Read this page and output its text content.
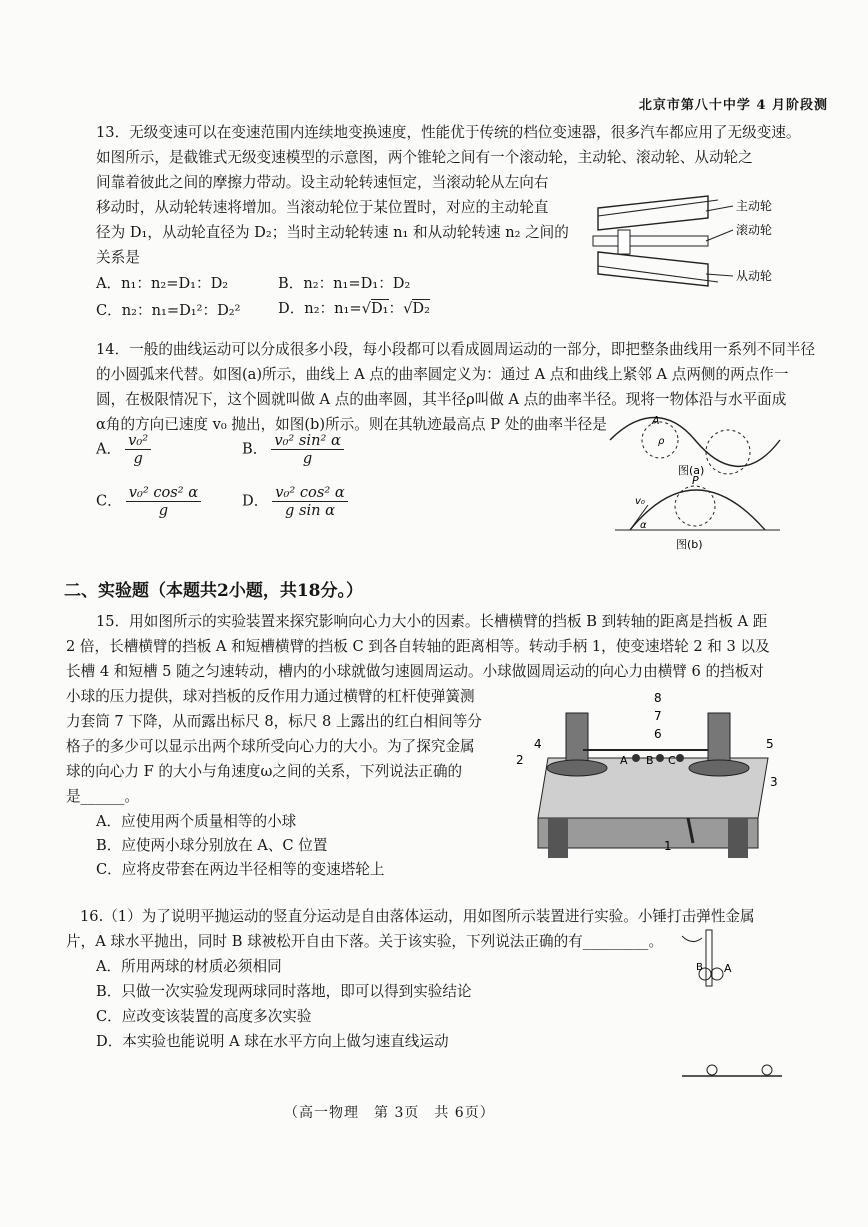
北京市第八十中学 4 月阶段测
13．无级变速可以在变速范围内连续地变换速度，性能优于传统的档位变速器，很多汽车都应用了无级变速。
如图所示，是截锥式无级变速模型的示意图，两个锥轮之间有一个滚动轮，主动轮、滚动轮、从动轮之
间靠着彼此之间的摩擦力带动。设主动轮转速恒定，当滚动轮从左向右
移动时，从动轮转速将增加。当滚动轮位于某位置时，对应的主动轮直
径为 D₁，从动轮直径为 D₂；当时主动轮转速 n₁ 和从动轮转速 n₂ 之间的
关系是
A．n₁：n₂=D₁：D₂	B．n₂：n₁=D₁：D₂
C．n₂：n₁=D₁²：D₂²	D．n₂：n₁=√D₁：√D₂
主动轮
滚动轮
从动轮
14．一般的曲线运动可以分成很多小段，每小段都可以看成圆周运动的一部分，即把整条曲线用一系列不同半径
的小圆弧来代替。如图(a)所示，曲线上 A 点的曲率圆定义为：通过 A 点和曲线上紧邻 A 点两侧的两点作一
圆，在极限情况下，这个圆就叫做 A 点的曲率圆，其半径ρ叫做 A 点的曲率半径。现将一物体沿与水平面成
α角的方向已速度 v₀ 抛出，如图(b)所示。则在其轨迹最高点 P 处的曲率半径是
A． $\frac{\text{v₀²}}{g}$	B． $\frac{\text{v₀² sin² α}}{g}$
C． $\frac{\text{v₀² cos² α}}{g}$	D． $\frac{\text{v₀² cos² α}}{\text{g sin α}}$
A
ρ
图(a)
v₀
α
P
图(b)
二、实验题（本题共2小题，共18分。）
15．用如图所示的实验装置来探究影响向心力大小的因素。长槽横臂的挡板 B 到转轴的距离是挡板 A 距
2 倍，长槽横臂的挡板 A 和短槽横臂的挡板 C 到各自转轴的距离相等。转动手柄 1，使变速塔轮 2 和 3 以及
长槽 4 和短槽 5 随之匀速转动，槽内的小球就做匀速圆周运动。小球做圆周运动的向心力由横臂 6 的挡板对
小球的压力提供，球对挡板的反作用力通过横臂的杠杆使弹簧测
力套筒 7 下降，从而露出标尺 8，标尺 8 上露出的红白相间等分
格子的多少可以显示出两个球所受向心力的大小。为了探究金属
球的向心力 F 的大小与角速度ω之间的关系，下列说法正确的
是______。
A．应使用两个质量相等的小球
B．应使两小球分别放在 A、C 位置
C．应将皮带套在两边半径相等的变速塔轮上
8
7
6
5
4
3
2
1
A B C
16.（1）为了说明平抛运动的竖直分运动是自由落体运动，用如图所示装置进行实验。小锤打击弹性金属
片，A 球水平抛出，同时 B 球被松开自由下落。关于该实验，下列说法正确的有_________。
A．所用两球的材质必须相同
B．只做一次实验发现两球同时落地，即可以得到实验结论
C．应改变该装置的高度多次实验
D．本实验也能说明 A 球在水平方向上做匀速直线运动
A
B
（高一物理　第 3页　共 6页）
